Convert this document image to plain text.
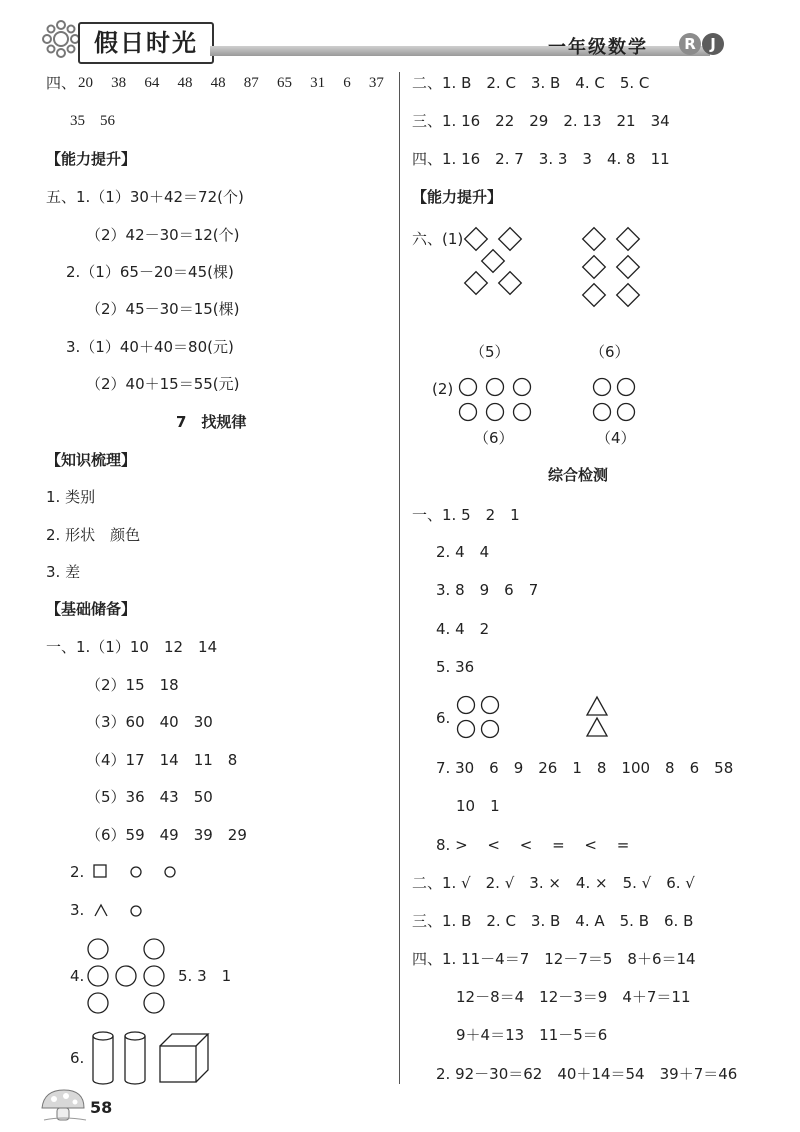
假日时光	一年级数学	R J
四、 20 38 64 48 48 87 65 31 6 37
35　56
【能力提升】
五、1.（1）30＋42＝72(个)
（2）42－30＝12(个)
2.（1）65－20＝45(棵)
（2）45－30＝15(棵)
3.（1）40＋40＝80(元)
（2）40＋15＝55(元)
7　找规律
【知识梳理】
1. 类别
2. 形状　颜色
3. 差
【基础储备】
一、1.（1）10　12　14
（2）15　18
（3）60　40　30
（4）17　14　11　8
（5）36　43　50
（6）59　49　39　29
2.
3.
4.	5. 3　1
6.
58
二、1. B　2. C　3. B　4. C　5. C
三、1. 16　22　29　2. 13　21　34
四、1. 16　2. 7　3. 3　3　4. 8　11
【能力提升】
六、(1)
（5）	（6）
(2)
（6）	（4）
综合检测
一、1. 5　2　1
2. 4　4
3. 8　9　6　7
4. 4　2
5. 36
6.
7. 30　6　9　26　1　8　100　8　6　58
10　1
8. >　 <　 <　 =　 <　 =
二、1. √　2. √　3. ×　4. ×　5. √　6. √
三、1. B　2. C　3. B　4. A　5. B　6. B
四、1. 11－4＝7　12－7＝5　8＋6＝14
12－8＝4　12－3＝9　4＋7＝11
9＋4＝13　11－5＝6
2. 92－30＝62　40＋14＝54　39＋7＝46
